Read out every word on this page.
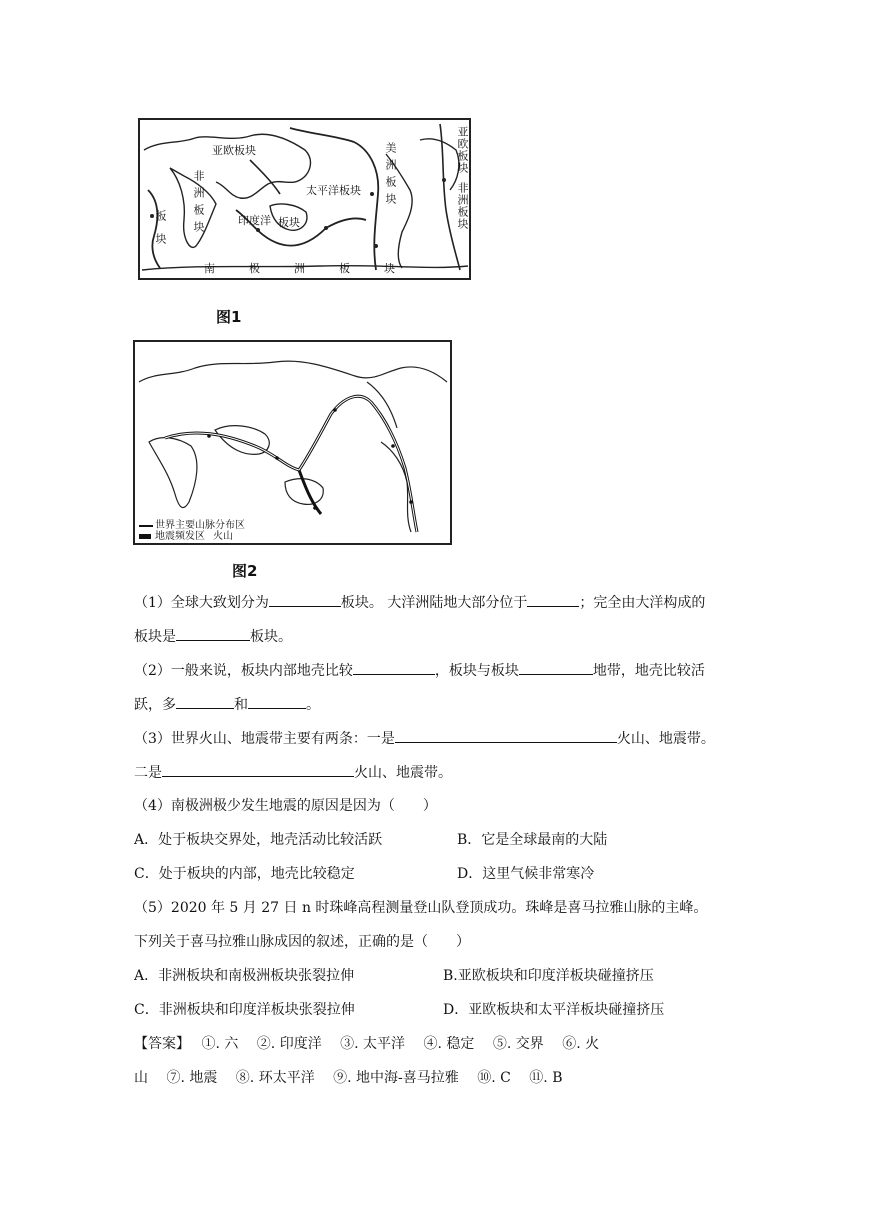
亚欧板块
太平洋板块
非洲板块	印度洋 板块
美洲板块
南极洲板块
亚欧板块
非洲板块
板块
图1
世界主要山脉分布区
地震频发区 火山
图2
（1）全球大致划分为	板块。 大洋洲陆地大部分位于	；完全由大洋构成的
板块是	板块。
（2）一般来说，板块内部地壳比较	，板块与板块	地带，地壳比较活
跃，多	和	。
（3）世界火山、地震带主要有两条：一是	火山、地震带。
二是	火山、地震带。
（4）南极洲极少发生地震的原因是因为（　　）
A．处于板块交界处，地壳活动比较活跃	B．它是全球最南的大陆
C．处于板块的内部，地壳比较稳定	D．这里气候非常寒冷
（5）2020 年 5 月 27 日 n 时珠峰高程测量登山队登顶成功。珠峰是喜马拉雅山脉的主峰。
下列关于喜马拉雅山脉成因的叙述，正确的是（　　）
A．非洲板块和南极洲板块张裂拉伸	B.亚欧板块和印度洋板块碰撞挤压
C．非洲板块和印度洋板块张裂拉伸	D．亚欧板块和太平洋板块碰撞挤压
【答案】　 ①. 六　 ②. 印度洋　 ③. 太平洋　 ④. 稳定　 ⑤. 交界　 ⑥. 火
山　 ⑦. 地震　 ⑧. 环太平洋　 ⑨. 地中海-喜马拉雅　 ⑩. C　 ⑪. B
